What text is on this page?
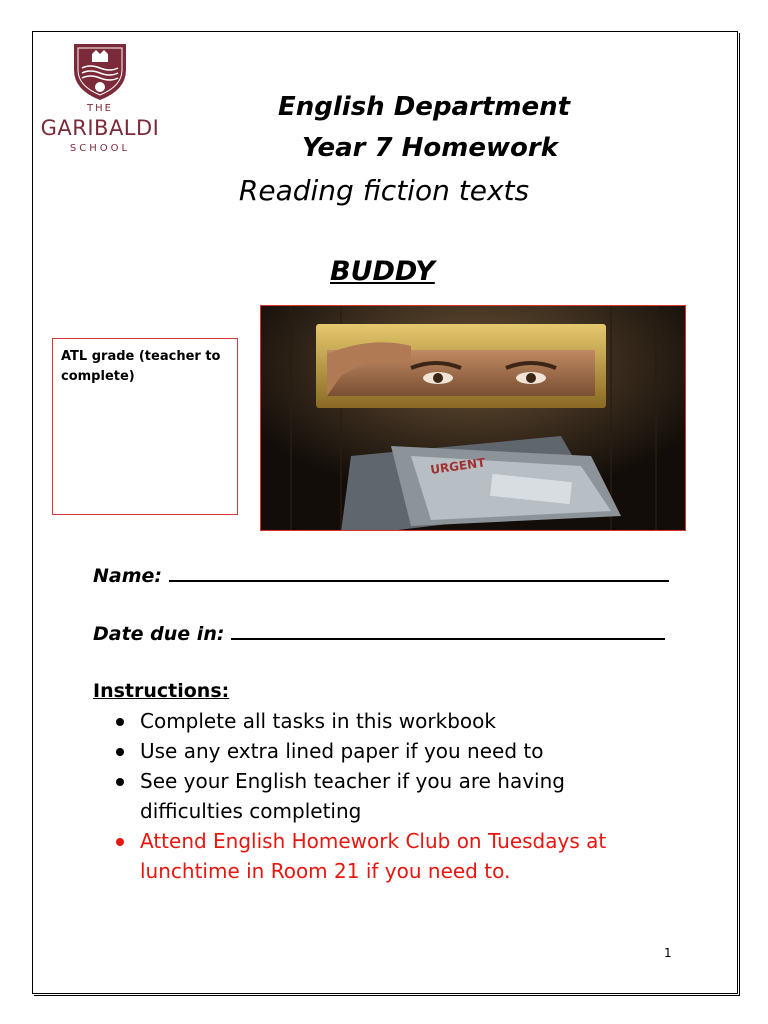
THE
GARIBALDI
SCHOOL
English Department
Year 7 Homework
Reading fiction texts
BUDDY
ATL grade (teacher to complete)
URGENT
Name:
Date due in:
Instructions:
Complete all tasks in this workbook
Use any extra lined paper if you need to
See your English teacher if you are having difficulties completing
Attend English Homework Club on Tuesdays at lunchtime in Room 21 if you need to.
1
